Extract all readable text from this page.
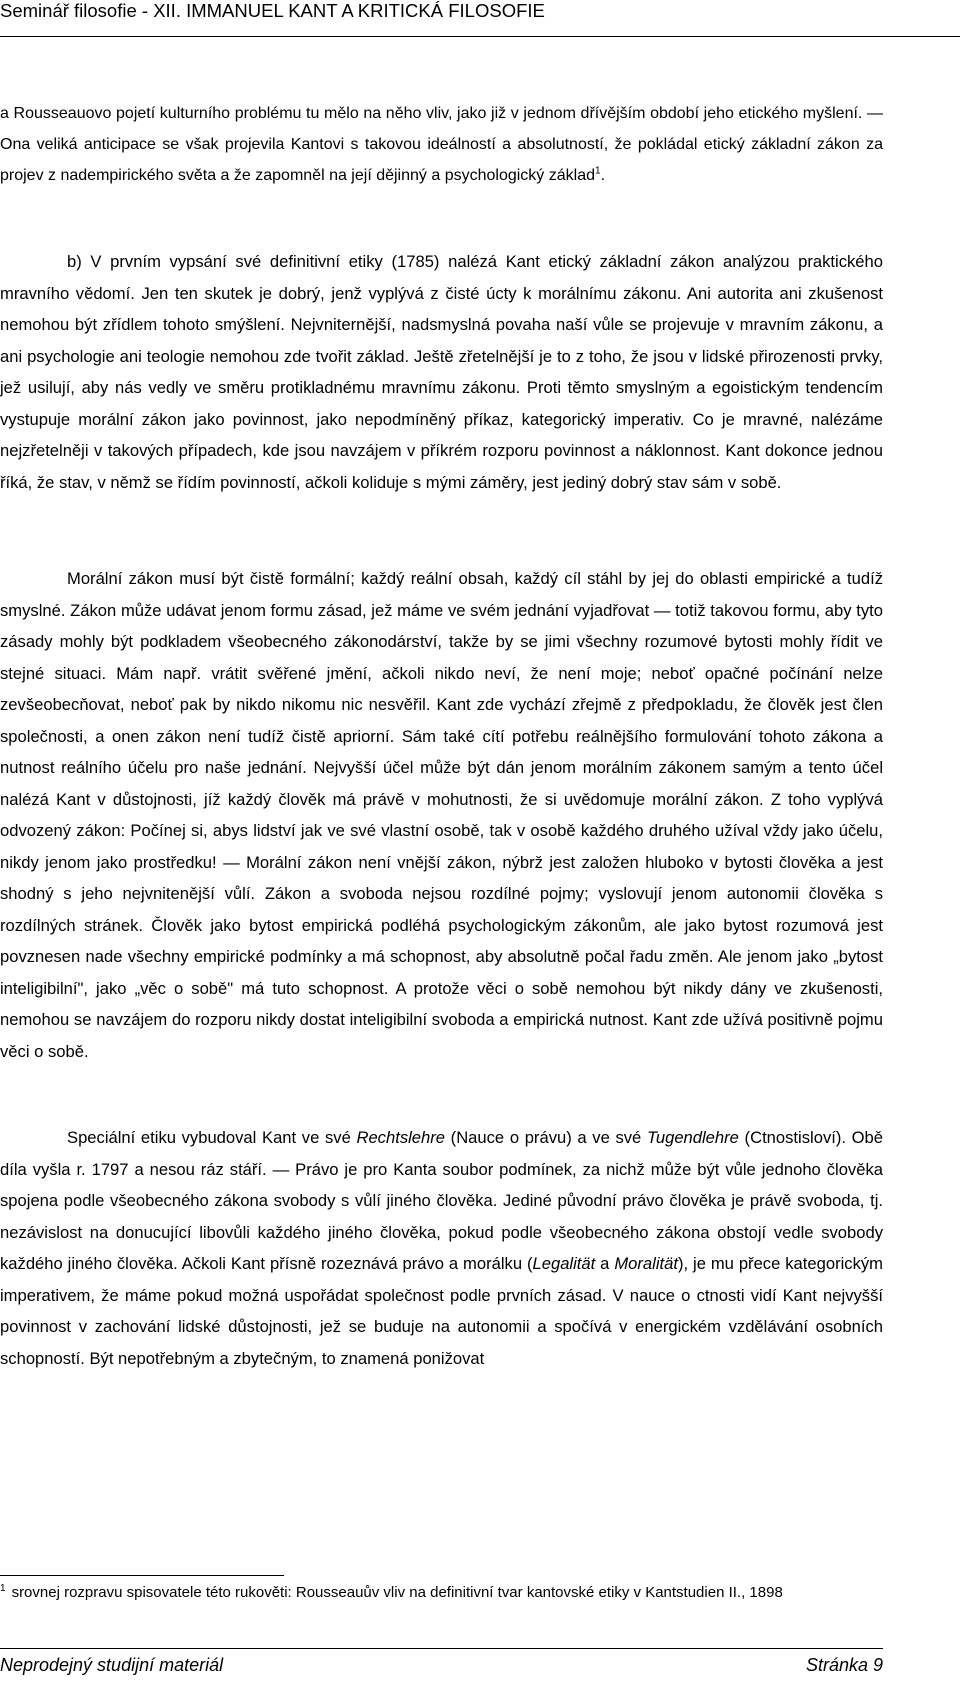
Seminář filosofie - XII. IMMANUEL KANT A KRITICKÁ FILOSOFIE

a Rousseauovo pojetí kulturního problému tu mělo na něho vliv, jako již v jednom dřívějším období jeho etického myšlení. — Ona veliká anticipace se však projevila Kantovi s takovou ideálností a absolutností, že pokládal etický základní zákon za projev z nadempirického světa a že zapomněl na její dějinný a psychologický základ$^1$.

b) V prvním vypsání své definitivní etiky (1785) nalézá Kant etický základní zákon analýzou praktického mravního vědomí. Jen ten skutek je dobrý, jenž vyplývá z čisté úcty k morálnímu zákonu. Ani autorita ani zkušenost nemohou být zřídlem tohoto smýšlení. Nejvniternější, nadsmyslná povaha naší vůle se projevuje v mravním zákonu, a ani psychologie ani teologie nemohou zde tvořit základ. Ještě zřetelnější je to z toho, že jsou v lidské přirozenosti prvky, jež usilují, aby nás vedly ve směru protikladnému mravnímu zákonu. Proti těmto smyslným a egoistickým tendencím vystupuje morální zákon jako povinnost, jako nepodmíněný příkaz, kategorický imperativ. Co je mravné, nalézáme nejzřetelněji v takových případech, kde jsou navzájem v příkrém rozporu povinnost a náklonnost. Kant dokonce jednou říká, že stav, v němž se řídím povinností, ačkoli koliduje s mými záměry, jest jediný dobrý stav sám v sobě.

Morální zákon musí být čistě formální; každý reální obsah, každý cíl stáhl by jej do oblasti empirické a tudíž smyslné. Zákon může udávat jenom formu zásad, jež máme ve svém jednání vyjadřovat — totiž takovou formu, aby tyto zásady mohly být podkladem všeobecného zákonodárství, takže by se jimi všechny rozumové bytosti mohly řídit ve stejné situaci. Mám např. vrátit svěřené jmění, ačkoli nikdo neví, že není moje; neboť opačné počínání nelze zevšeobecňovat, neboť pak by nikdo nikomu nic nesvěřil. Kant zde vychází zřejmě z předpokladu, že člověk jest člen společnosti, a onen zákon není tudíž čistě apriorní. Sám také cítí potřebu reálnějšího formulování tohoto zákona a nutnost reálního účelu pro naše jednání. Nejvyšší účel může být dán jenom morálním zákonem samým a tento účel nalézá Kant v důstojnosti, jíž každý člověk má právě v mohutnosti, že si uvědomuje morální zákon. Z toho vyplývá odvozený zákon: Počínej si, abys lidství jak ve své vlastní osobě, tak v osobě každého druhého užíval vždy jako účelu, nikdy jenom jako prostředku! — Morální zákon není vnější zákon, nýbrž jest založen hluboko v bytosti člověka a jest shodný s jeho nejvnitenější vůlí. Zákon a svoboda nejsou rozdílné pojmy; vyslovují jenom autonomii člověka s rozdílných stránek. Člověk jako bytost empirická podléhá psychologickým zákonům, ale jako bytost rozumová jest povznesen nade všechny empirické podmínky a má schopnost, aby absolutně počal řadu změn. Ale jenom jako „bytost inteligibilní", jako „věc o sobě" má tuto schopnost. A protože věci o sobě nemohou být nikdy dány ve zkušenosti, nemohou se navzájem do rozporu nikdy dostat inteligibilní svoboda a empirická nutnost. Kant zde užívá positivně pojmu věci o sobě.

Speciální etiku vybudoval Kant ve své Rechtslehre (Nauce o právu) a ve své Tugendlehre (Ctnostisloví). Obě díla vyšla r. 1797 a nesou ráz stáří. — Právo je pro Kanta soubor podmínek, za nichž může být vůle jednoho člověka spojena podle všeobecného zákona svobody s vůlí jiného člověka. Jediné původní právo člověka je právě svoboda, tj. nezávislost na donucující libovůli každého jiného člověka, pokud podle všeobecného zákona obstojí vedle svobody každého jiného člověka. Ačkoli Kant přísně rozeznává právo a morálku (Legalität a Moralität), je mu přece kategorickým imperativem, že máme pokud možná uspořádat společnost podle prvních zásad. V nauce o ctnosti vidí Kant nejvyšší povinnost v zachování lidské důstojnosti, jež se buduje na autonomii a spočívá v energickém vzdělávání osobních schopností. Být nepotřebným a zbytečným, to znamená ponižovat

$^1$ srovnej rozpravu spisovatele této rukověti: Rousseauův vliv na definitivní tvar kantovské etiky v Kantstudien II., 1898
Neprodejný studijní materiál	Stránka 9
